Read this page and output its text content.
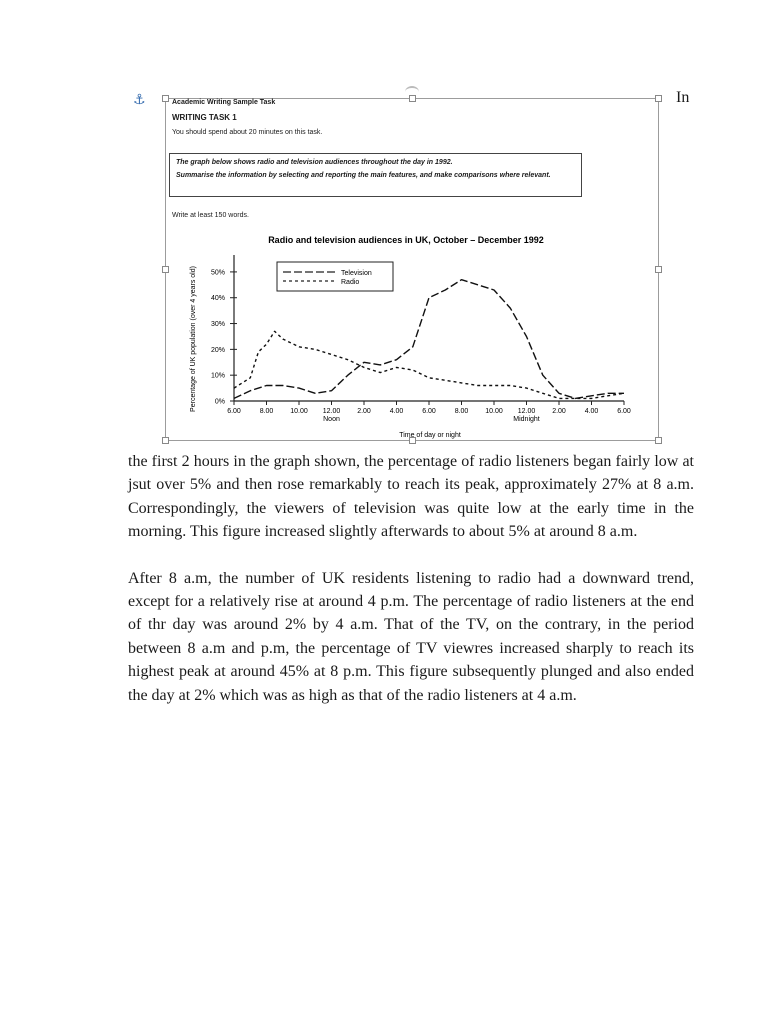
⚓	Academic Writing Sample Task
WRITING TASK 1
You should spend about 20 minutes on this task.

The graph below shows radio and television audiences throughout the day in 1992.

Summarise the information by selecting and reporting the main features, and make comparisons where relevant.

Write at least 150 words.
Radio and television audiences in UK, October – December 1992
Percentage of UK population (over 4 years old)
Time of day or night
Television
Radio
0%
10%
20%
30%
40%
50%
6.00	8.00 10.00 12.00 2.00	4.00	6.00	8.00 10.00 12.00 2.00	4.00	6.00
Noon	Midnight
In

the first 2 hours in the graph shown, the percentage of radio listeners began fairly low at jsut over 5% and then rose remarkably to reach its peak, approximately 27% at 8 a.m. Correspondingly, the viewers of television was quite low at the early time in the morning. This figure increased slightly afterwards to about 5% at around 8 a.m.

After 8 a.m, the number of UK residents listening to radio had a downward trend, except for a relatively rise at around 4 p.m. The percentage of radio listeners at the end of thr day was around 2% by 4 a.m. That of the TV, on the contrary, in the period between 8 a.m and p.m, the percentage of TV viewres increased sharply to reach its highest peak at around 45% at 8 p.m. This figure subsequently plunged and also ended the day at 2% which was as high as that of the radio listeners at 4 a.m.
